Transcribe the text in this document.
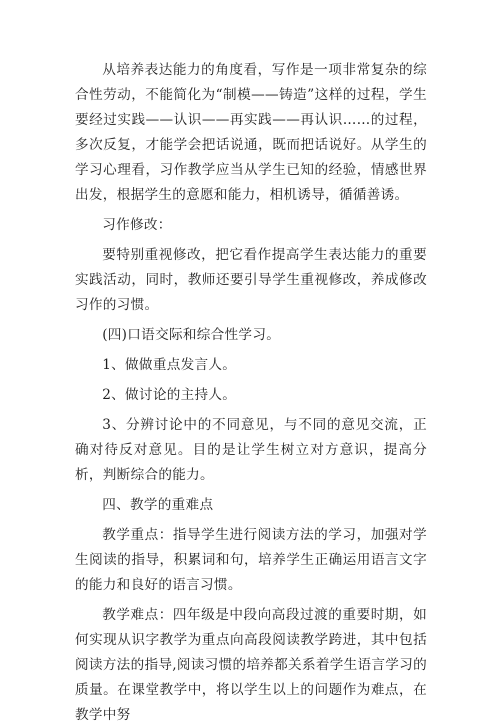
从培养表达能力的角度看，写作是一项非常复杂的综合性劳动，不能简化为“制模——铸造”这样的过程，学生要经过实践——认识——再实践——再认识……的过程，多次反复，才能学会把话说通，既而把话说好。从学生的学习心理看，习作教学应当从学生已知的经验，情感世界出发，根据学生的意愿和能力，相机诱导，循循善诱。

习作修改：

要特别重视修改，把它看作提高学生表达能力的重要实践活动，同时，教师还要引导学生重视修改，养成修改习作的习惯。

(四)口语交际和综合性学习。

1、做做重点发言人。

2、做讨论的主持人。

3、分辨讨论中的不同意见，与不同的意见交流，正确对待反对意见。目的是让学生树立对方意识，提高分析，判断综合的能力。

四、教学的重难点

教学重点：指导学生进行阅读方法的学习，加强对学生阅读的指导，积累词和句，培养学生正确运用语言文字的能力和良好的语言习惯。

教学难点：四年级是中段向高段过渡的重要时期，如何实现从识字教学为重点向高段阅读教学跨进，其中包括阅读方法的指导,阅读习惯的培养都关系着学生语言学习的质量。在课堂教学中，将以学生以上的问题作为难点，在教学中努
